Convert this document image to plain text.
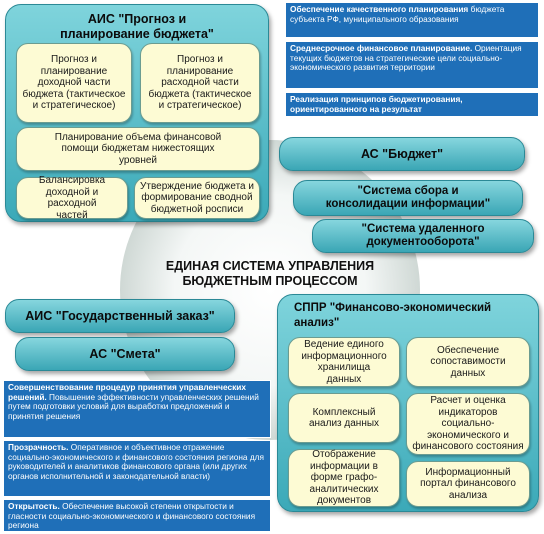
ЕДИНАЯ СИСТЕМА УПРАВЛЕНИЯ БЮДЖЕТНЫМ ПРОЦЕССОМ
АИС "Прогноз и планирование бюджета"
Прогноз и планирование доходной части бюджета (тактическое и стратегическое)
Прогноз и планирование расходной части бюджета (тактическое и стратегическое)
Планирование объема финансовой помощи бюджетам нижестоящих уровней
Балансировка доходной и расходной частей
Утверждение бюджета и формирование сводной бюджетной росписи
Обеспечение качественного планирования бюджета субъекта РФ, муниципального образования
Среднесрочное финансовое планирование. Ориентация текущих бюджетов на стратегические цели социально-экономического развития территории
Реализация принципов бюджетирования, ориентированного на результат
АС "Бюджет"
"Система сбора и консолидации информации"
"Система удаленного документооборота"
АИС "Государственный заказ"
АС "Смета"
СППР "Финансово-экономический анализ"
Ведение единого информационного хранилища данных
Обеспечение сопоставимости данных
Комплексный анализ данных
Расчет и оценка индикаторов социально-экономического и финансового состояния
Отображение информации в форме графо-аналитических документов
Информационный портал финансового анализа
Совершенствование процедур принятия управленческих решений. Повышение эффективности управленческих решений путем подготовки условий для выработки предложений и принятия решения
Прозрачность. Оперативное и объективное отражение социально-экономического и финансового состояния региона для руководителей и аналитиков финансового органа (или других органов исполнительной и законодательной власти)
Открытость. Обеспечение высокой степени открытости и гласности социально-экономического и финансового состояния региона
